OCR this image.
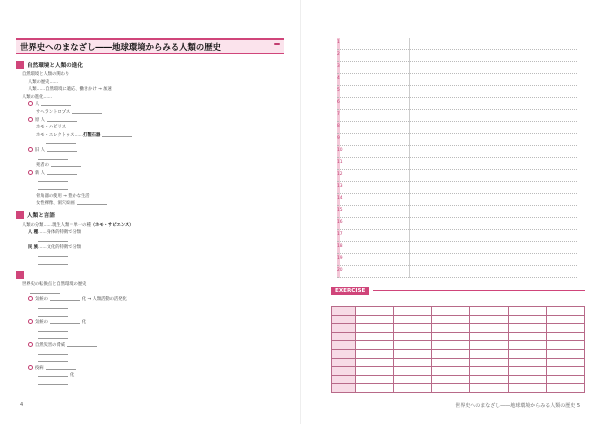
世界史へのまなざし――地球環境からみる人類の歴史
自然環境と人類の進化
自然環境と人類の関わり
人類の歴史……
人類……自然環境に適応、働きかけ → 加速
人類の進化……
人
サヘラントロプス
原 人
ホモ・ハビリス
ホモ・エレクトゥス……打製石器
旧 人
死者の
新 人
骨角器の使用 → 豊かな生活
女性裸像、洞穴絵画
人類と言語
人類の分類……現生人類＝単一の種（ホモ・サピエンス）
人 種……身体的特徴で分類
民 族……文化的特徴で分類
世界史の転換点と自然環境の歴史
気候の	化 → 人類活動の活発化
気候の	化
自然災害の脅威
疫病
化
4
1
2
3
4
5
6
7
8
9
10
11
12
13
14
15
16
17
18
19
20
EXERCISE

世界史へのまなざし――地球環境からみる人類の歴史 5
